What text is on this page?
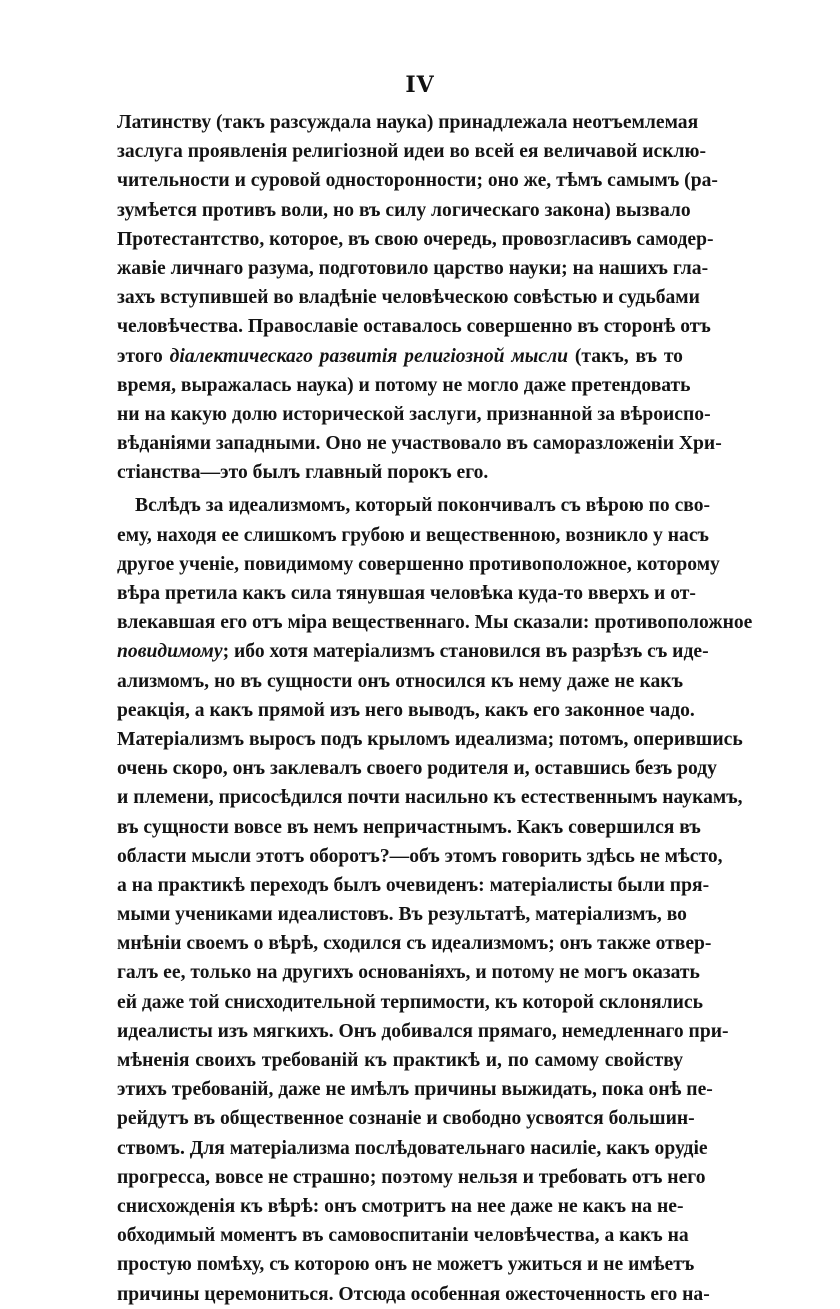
IV
Латинству (такъ разсуждала наука) принадлежала неотъемлемая
заслуга проявленія религіозной идеи во всей ея величавой исклю-
чительности и суровой односторонности; оно же, тѣмъ самымъ (ра-
зумѣется противъ воли, но въ силу логическаго закона) вызвало
Протестантство, которое, въ свою очередь, провозгласивъ самодер-
жавіе личнаго разума, подготовило царство науки; на нашихъ гла-
захъ вступившей во владѣніе человѣческою совѣстью и судьбами
человѣчества. Православіе оставалось совершенно въ сторонѣ отъ
этого діалектическаго развитія религіозной мысли (такъ, въ то
время, выражалась наука) и потому не могло даже претендовать
ни на какую долю исторической заслуги, признанной за вѣроиспо-
вѣданіями западными. Оно не участвовало въ саморазложеніи Хри-
стіанства—это былъ главный порокъ его.
Вслѣдъ за идеализмомъ, который покончивалъ съ вѣрою по сво-
ему, находя ее слишкомъ грубою и вещественною, возникло у насъ
другое ученіе, повидимому совершенно противоположное, которому
вѣра претила какъ сила тянувшая человѣка куда-то вверхъ и от-
влекавшая его отъ міра вещественнаго. Мы сказали: противоположное
повидимому; ибо хотя матеріализмъ становился въ разрѣзъ съ иде-
ализмомъ, но въ сущности онъ относился къ нему даже не какъ
реакція, а какъ прямой изъ него выводъ, какъ его законное чадо.
Матеріализмъ выросъ подъ крыломъ идеализма; потомъ, оперившись
очень скоро, онъ заклевалъ своего родителя и, оставшись безъ роду
и племени, присосѣдился почти насильно къ естественнымъ наукамъ,
въ сущности вовсе въ немъ непричастнымъ. Какъ совершился въ
области мысли этотъ оборотъ?—объ этомъ говорить здѣсь не мѣсто,
а на практикѣ переходъ былъ очевиденъ: матеріалисты были пря-
мыми учениками идеалистовъ. Въ результатѣ, матеріализмъ, во
мнѣніи своемъ о вѣрѣ, сходился съ идеализмомъ; онъ также отвер-
галъ ее, только на другихъ основаніяхъ, и потому не могъ оказать
ей даже той снисходительной терпимости, къ которой склонялись
идеалисты изъ мягкихъ. Онъ добивался прямаго, немедленнаго при-
мѣненія своихъ требованій къ практикѣ и, по самому свойству
этихъ требованій, даже не имѣлъ причины выжидать, пока онѣ пе-
рейдутъ въ общественное сознаніе и свободно усвоятся большин-
ствомъ. Для матеріализма послѣдовательнаго насиліе, какъ орудіе
прогресса, вовсе не страшно; поэтому нельзя и требовать отъ него
снисхожденія къ вѣрѣ: онъ смотритъ на нее даже не какъ на не-
обходимый моментъ въ самовоспитаніи человѣчества, а какъ на
простую помѣху, съ которою онъ не можетъ ужиться и не имѣетъ
причины церемониться. Отсюда особенная ожесточенность его на-
